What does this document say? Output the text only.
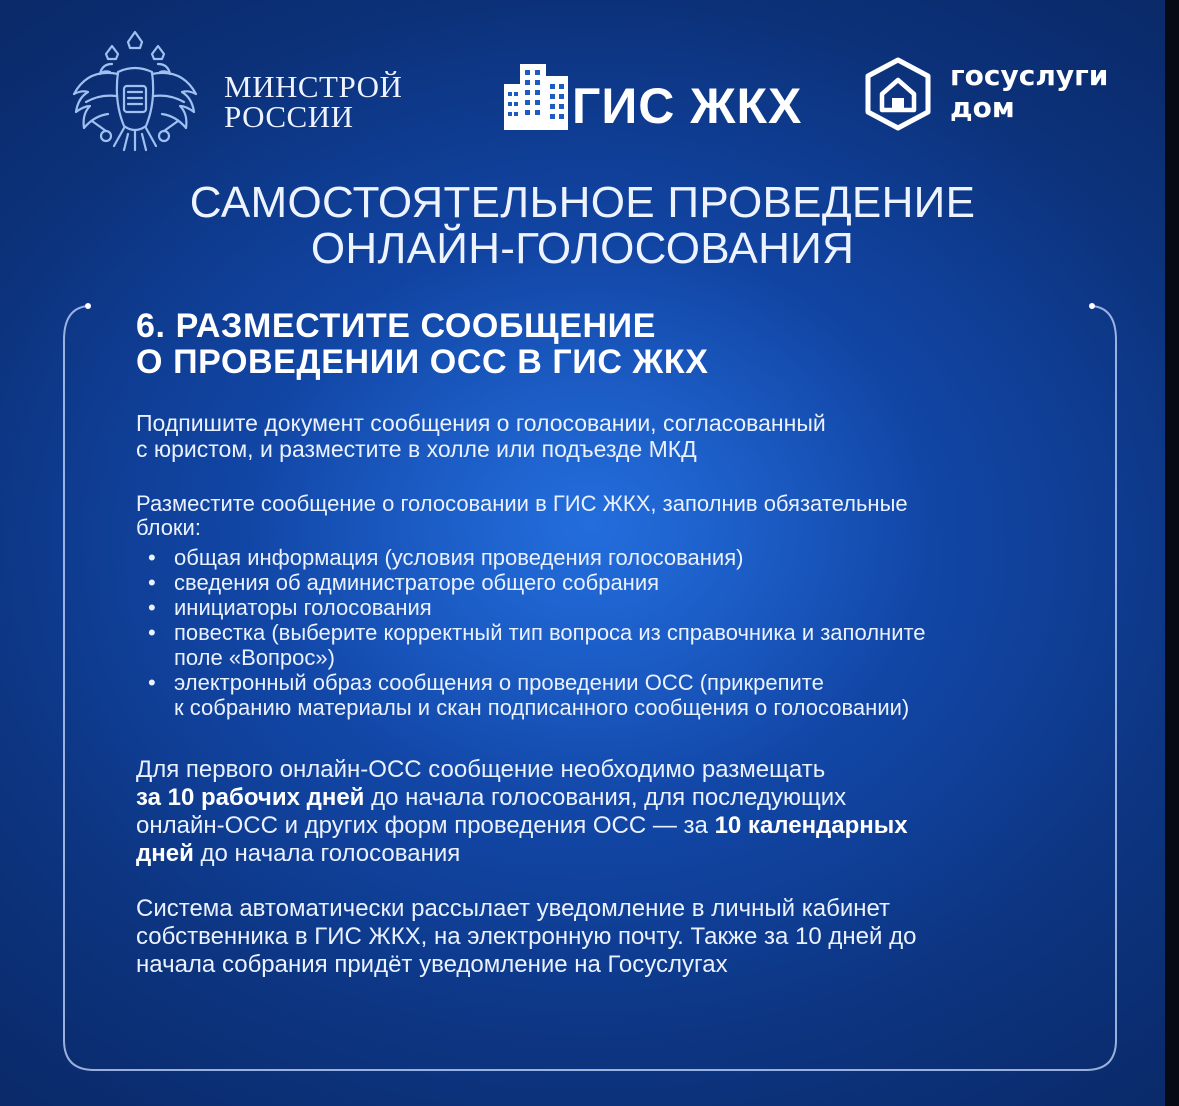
МИНСТРОЙ
РОССИИ	ГИС ЖКХ
госуслуги
дом
САМОСТОЯТЕЛЬНОЕ ПРОВЕДЕНИЕ
ОНЛАЙН-ГОЛОСОВАНИЯ
6. РАЗМЕСТИТЕ СООБЩЕНИЕ
О ПРОВЕДЕНИИ ОСС В ГИС ЖКХ
Подпишите документ сообщения о голосовании, согласованный
с юристом, и разместите в холле или подъезде МКД
Разместите сообщение о голосовании в ГИС ЖКХ, заполнив обязательные
блоки:
• общая информация (условия проведения голосования)
• сведения об администраторе общего собрания
• инициаторы голосования
• повестка (выберите корректный тип вопроса из справочника и заполните
поле «Вопрос»)
• электронный образ сообщения о проведении ОСС (прикрепите
к собранию материалы и скан подписанного сообщения о голосовании)
Для первого онлайн-ОСС сообщение необходимо размещать
за 10 рабочих дней до начала голосования, для последующих
онлайн-ОСС и других форм проведения ОСС — за 10 календарных
дней до начала голосования
Система автоматически рассылает уведомление в личный кабинет
собственника в ГИС ЖКХ, на электронную почту. Также за 10 дней до
начала собрания придёт уведомление на Госуслугах
